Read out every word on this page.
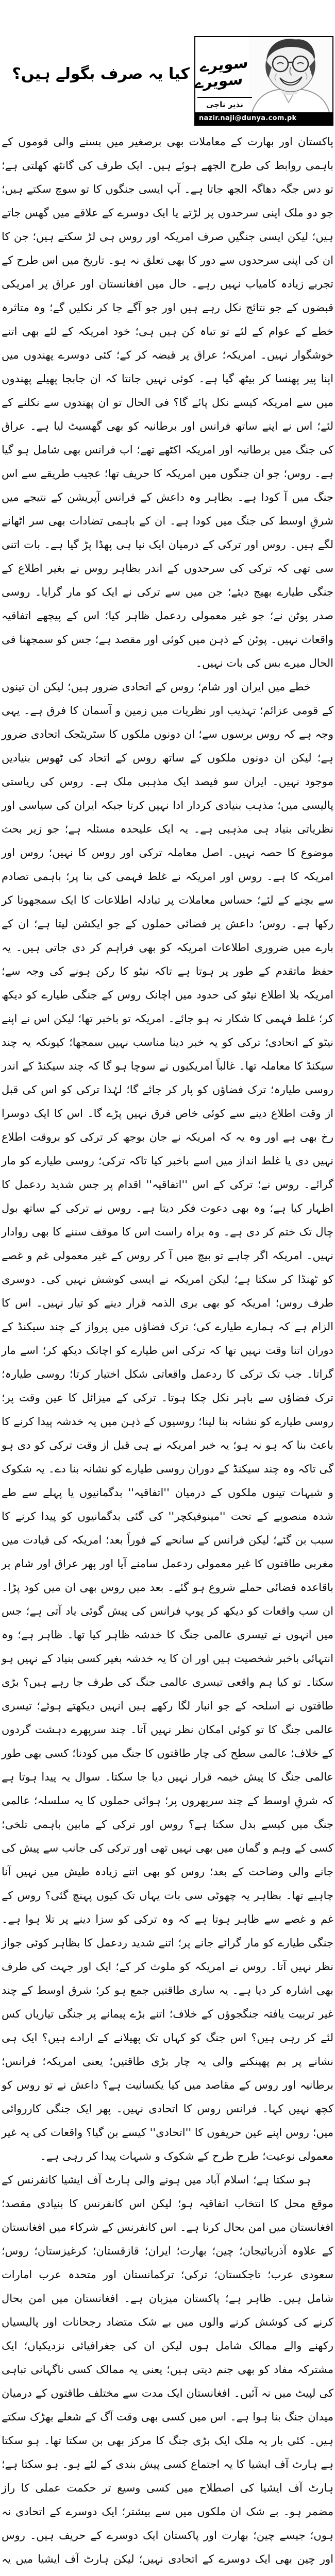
کیا یہ صرف بگولے ہیں؟ سویرے
سویرے
نذیر ناجی
nazir.naji@dunya.com.pk

پاکستان اور بھارت کے معاملات بھی برصغیر میں بسنے والی قوموں کے باہمی روابط کی طرح الجھے ہوئے ہیں۔ ایک طرف کی گانٹھ کھلتی ہے؛ تو دس جگہ دھاگہ الجھ جاتا ہے۔ آپ ایسی جنگوں کا تو سوچ سکتے ہیں؛ جو دو ملک اپنی سرحدوں پر لڑتے یا ایک دوسرے کے علاقے میں گھس جاتے ہیں؛ لیکن ایسی جنگیں صرف امریکہ اور روس ہی لڑ سکتے ہیں؛ جن کا ان کی اپنی سرحدوں سے دور کا بھی تعلق نہ ہو۔ تاریخ میں اس طرح کے تجربے زیادہ کامیاب نہیں رہے۔ حال میں افغانستان اور عراق پر امریکی قبضوں کے جو نتائج نکل رہے ہیں اور جو آگے جا کر نکلیں گے؛ وہ متاثرہ خطے کے عوام کے لئے تو تباہ کن ہیں ہی؛ خود امریکہ کے لئے بھی اتنے خوشگوار نہیں۔ امریکہ؛ عراق پر قبضہ کر کے؛ کئی دوسرے پھندوں میں اپنا پیر پھنسا کر بیٹھ گیا ہے۔ کوئی نہیں جانتا کہ ان جابجا پھیلے پھندوں میں سے امریکہ کیسے نکل پائے گا؟ فی الحال تو ان پھندوں سے نکلنے کے لئے؛ اس نے اپنے ساتھ فرانس اور برطانیہ کو بھی گھسیٹ لیا ہے۔ عراق کی جنگ میں برطانیہ اور امریکہ اکٹھے تھے؛ اب فرانس بھی شامل ہو گیا ہے۔ روس؛ جو ان جنگوں میں امریکہ کا حریف تھا؛ عجیب طریقے سے اس جنگ میں آ کودا ہے۔ بظاہر وہ داعش کے فرانس آپریشن کے نتیجے میں شرقِ اوسط کی جنگ میں کودا ہے۔ ان کے باہمی تضادات بھی سر اٹھانے لگے ہیں۔ روس اور ترکی کے درمیان ایک نیا ہی پھڈا پڑ گیا ہے۔ بات اتنی سی تھی کہ ترکی کی سرحدوں کے اندر بظاہر روس نے بغیر اطلاع کے جنگی طیارے بھیج دیئے؛ جن میں سے ترکی نے ایک کو مار گرایا۔ روسی صدر پوٹن نے؛ جو غیر معمولی ردعمل ظاہر کیا؛ اس کے پیچھے اتفاقیہ واقعات نہیں۔ پوٹن کے ذہن میں کوئی اور مقصد ہے؛ جس کو سمجھنا فی الحال میرے بس کی بات نہیں۔

خطے میں ایران اور شام؛ روس کے اتحادی ضرور ہیں؛ لیکن ان تینوں کے قومی عزائم؛ تہذیب اور نظریات میں زمین و آسمان کا فرق ہے۔ یہی وجہ ہے کہ روس برسوں سے؛ ان دونوں ملکوں کا سٹریٹجک اتحادی ضرور ہے؛ لیکن ان دونوں ملکوں کے ساتھ روس کے اتحاد کی ٹھوس بنیادیں موجود نہیں۔ ایران سو فیصد ایک مذہبی ملک ہے۔ روس کی ریاستی پالیسی میں؛ مذہب بنیادی کردار ادا نہیں کرتا جبکہ ایران کی سیاسی اور نظریاتی بنیاد ہی مذہبی ہے۔ یہ ایک علیحدہ مسئلہ ہے؛ جو زیر بحث موضوع کا حصہ نہیں۔ اصل معاملہ ترکی اور روس کا نہیں؛ روس اور امریکہ کا ہے۔ روس اور امریکہ نے غلط فہمی کی بنا پر؛ باہمی تصادم سے بچنے کے لئے؛ حساس معاملات پر تبادلہ اطلاعات کا ایک سمجھوتا کر رکھا ہے۔ روس؛ داعش پر فضائی حملوں کے جو ایکشن لیتا ہے؛ ان کے بارے میں ضروری اطلاعات امریکہ کو بھی فراہم کر دی جاتی ہیں۔ یہ حفظ ماتقدم کے طور پر ہوتا ہے تاکہ نیٹو کا رکن ہونے کی وجہ سے؛ امریکہ بلا اطلاع نیٹو کی حدود میں اچانک روس کے جنگی طیارے کو دیکھ کر؛ غلط فہمی کا شکار نہ ہو جائے۔ امریکہ تو باخبر تھا؛ لیکن اس نے اپنے نیٹو کے اتحادی؛ ترکی کو یہ خبر دینا مناسب نہیں سمجھا؛ کیونکہ یہ چند سیکنڈ کا معاملہ تھا۔ غالباً امریکیوں نے سوچا ہو گا کہ چند سیکنڈ کے اندر روسی طیارہ؛ ترک فضاؤں کو پار کر جائے گا؛ لہٰذا ترکی کو اس کی قبل از وقت اطلاع دینے سے کوئی خاص فرق نہیں پڑے گا۔ اس کا ایک دوسرا رخ بھی ہے اور وہ یہ کہ امریکہ نے جان بوجھ کر ترکی کو بروقت اطلاع نہیں دی یا غلط انداز میں اسے باخبر کیا تاکہ ترکی؛ روسی طیارے کو مار گرائے۔ روس نے؛ ترکی کے اس ''اتفاقیہ'' اقدام پر جس شدید ردعمل کا اظہار کیا ہے؛ وہ بھی دعوت فکر دیتا ہے۔ روس نے ترکی کے ساتھ بول چال تک ختم کر دی ہے۔ وہ براہ راست اس کا موقف سننے کا بھی روادار نہیں۔ امریکہ اگر چاہے تو بیچ میں آ کر روس کے غیر معمولی غم و غصے کو ٹھنڈا کر سکتا ہے؛ لیکن امریکہ نے ایسی کوشش نہیں کی۔ دوسری طرف روس؛ امریکہ کو بھی بری الذمہ قرار دینے کو تیار نہیں۔ اس کا الزام ہے کہ ہمارے طیارے کی؛ ترک فضاؤں میں پرواز کے چند سیکنڈ کے دوران اتنا وقت نہیں تھا کہ ترکی اس طیارے کو اچانک دیکھ کر؛ اسے مار گراتا۔ جب تک ترکی کا ردعمل واقعاتی شکل اختیار کرتا؛ روسی طیارہ؛ ترک فضاؤں سے باہر نکل چکا ہوتا۔ ترکی کے میزائل کا عین وقت پر؛ روسی طیارے کو نشانہ بنا لینا؛ روسیوں کے ذہن میں یہ خدشہ پیدا کرنے کا باعث بنا کہ ہو نہ ہو؛ یہ خبر امریکہ نے ہی قبل از وقت ترکی کو دی ہو گی تاکہ وہ چند سیکنڈ کے دوران روسی طیارے کو نشانہ بنا دے۔ یہ شکوک و شبہات تینوں ملکوں کے درمیان ''اتفاقیہ'' بدگمانیوں یا پہلے سے طے شدہ منصوبے کے تحت ''مینوفیکچر'' کی گئی بدگمانیوں کو پیدا کرنے کا سبب بن گئے؛ لیکن فرانس کے سانحے کے فوراً بعد؛ امریکہ کی قیادت میں مغربی طاقتوں کا غیر معمولی ردعمل سامنے آیا اور پھر عراق اور شام پر باقاعدہ فضائی حملے شروع ہو گئے۔ بعد میں روس بھی ان میں کود پڑا۔ ان سب واقعات کو دیکھ کر پوپ فرانس کی پیش گوئی یاد آتی ہے؛ جس میں انہوں نے تیسری عالمی جنگ کا خدشہ ظاہر کیا تھا۔ ظاہر ہے؛ وہ انتہائی باخبر شخصیت ہیں اور ان کا یہ خدشہ بغیر کسی بنیاد کے نہیں ہو سکتا۔ تو کیا ہم واقعی تیسری عالمی جنگ کی طرف جا رہے ہیں؟ بڑی طاقتوں نے اسلحہ کے جو انبار لگا رکھے ہیں انہیں دیکھتے ہوئے؛ تیسری عالمی جنگ کا تو کوئی امکان نظر نہیں آتا۔ چند سرپھرے دہشت گردوں کے خلاف؛ عالمی سطح کی چار طاقتوں کا جنگ میں کودنا؛ کسی بھی طور عالمی جنگ کا پیش خیمہ قرار نہیں دیا جا سکتا۔ سوال یہ پیدا ہوتا ہے کہ شرقِ اوسط کے چند سرپھروں پر؛ ہوائی حملوں کا یہ سلسلہ؛ عالمی جنگ میں کیسے بدل سکتا ہے؟ روس اور ترکی کے مابین باہمی تلخی؛ کسی کے وہم و گمان میں بھی نہیں تھی اور ترکی کی جانب سے پیش کی جانے والی وضاحت کے بعد؛ روس کو بھی اتنے زیادہ طیش میں نہیں آنا چاہیے تھا۔ بظاہر یہ چھوٹی سی بات یہاں تک کیوں پہنچ گئی؟ روس کے غم و غصے سے ظاہر ہوتا ہے کہ وہ ترکی کو سزا دینے پر تلا ہوا ہے۔ جنگی طیارے کو مار گرائے جانے پر؛ اتنے شدید ردعمل کا بظاہر کوئی جواز نظر نہیں آتا۔ روس نے امریکہ کو ملوث کر کے؛ ایک اور جہت کی طرف بھی اشارہ کر دیا ہے۔ یہ ساری طاقتیں جمع ہو کر؛ شرق اوسط کے چند غیر تربیت یافتہ جنگجوؤں کے خلاف؛ اتنے بڑے پیمانے پر جنگی تیاریاں کس لئے کر رہی ہیں؟ اس جنگ کو کہاں تک پھیلانے کے ارادے ہیں؟ ایک ہی نشانے پر بم پھینکنے والی یہ چار بڑی طاقتیں؛ یعنی امریکہ؛ فرانس؛ برطانیہ اور روس کے مقاصد میں کیا یکسانیت ہے؟ داعش نے تو روس کو کچھ نہیں کہا۔ فرانس روس کا اتحادی نہیں۔ پھر ایک جنگی کارروائی میں؛ روس اپنے عین حریفوں کا ''اتحادی'' کیسے بن گیا؟ واقعات کی یہ غیر معمولی نوعیت؛ طرح طرح کے شکوک و شبہات پیدا کر رہی ہے۔

ہو سکتا ہے؛ اسلام آباد میں ہونے والی ہارٹ آف ایشیا کانفرنس کے موقع محل کا انتخاب اتفاقیہ ہو؛ لیکن اس کانفرنس کا بنیادی مقصد؛ افغانستان میں امن بحال کرنا ہے۔ اس کانفرنس کے شرکاء میں افغانستان کے علاوہ آذربائیجان؛ چین؛ بھارت؛ ایران؛ قازقستان؛ کرغیزستان؛ روس؛ سعودی عرب؛ تاجکستان؛ ترکی؛ ترکمانستان اور متحدہ عرب امارات شامل ہیں۔ ظاہر ہے؛ پاکستان میزبان ہے۔ افغانستان میں امن بحال کرنے کی کوشش کرنے والوں میں بے شک متضاد رجحانات اور پالیسیاں رکھنے والے ممالک شامل ہوں لیکن ان کی جغرافیائی نزدیکیاں؛ ایک مشترکہ مفاد کو بھی جنم دیتی ہیں؛ یعنی یہ ممالک کسی ناگہانی تباہی کی لپیٹ میں نہ آئیں۔ افغانستان ایک مدت سے مختلف طاقتوں کے درمیان میدان جنگ بنا ہوا ہے۔ اس میں کسی بھی وقت آگ کے شعلے بھڑک سکتے ہیں۔ کئی بار یہ ملک ایک بڑی جنگ کا مرکز بھی بن سکتا تھا۔ ہو سکتا ہے ہارٹ آف ایشیا کا یہ اجتماع کسی پیش بندی کے لئے ہو۔ ہو سکتا ہے؛ ہارٹ آف ایشیا کی اصطلاح میں کسی وسیع تر حکمت عملی کا راز مضمر ہو۔ بے شک ان ملکوں میں سے بیشتر؛ ایک دوسرے کے اتحادی نہ ہوں؛ جیسے چین؛ بھارت اور پاکستان ایک دوسرے کے حریف ہیں۔ روس اور چین بھی ایک دوسرے کے اتحادی نہیں؛ لیکن ہارٹ آف ایشیا میں یہ
